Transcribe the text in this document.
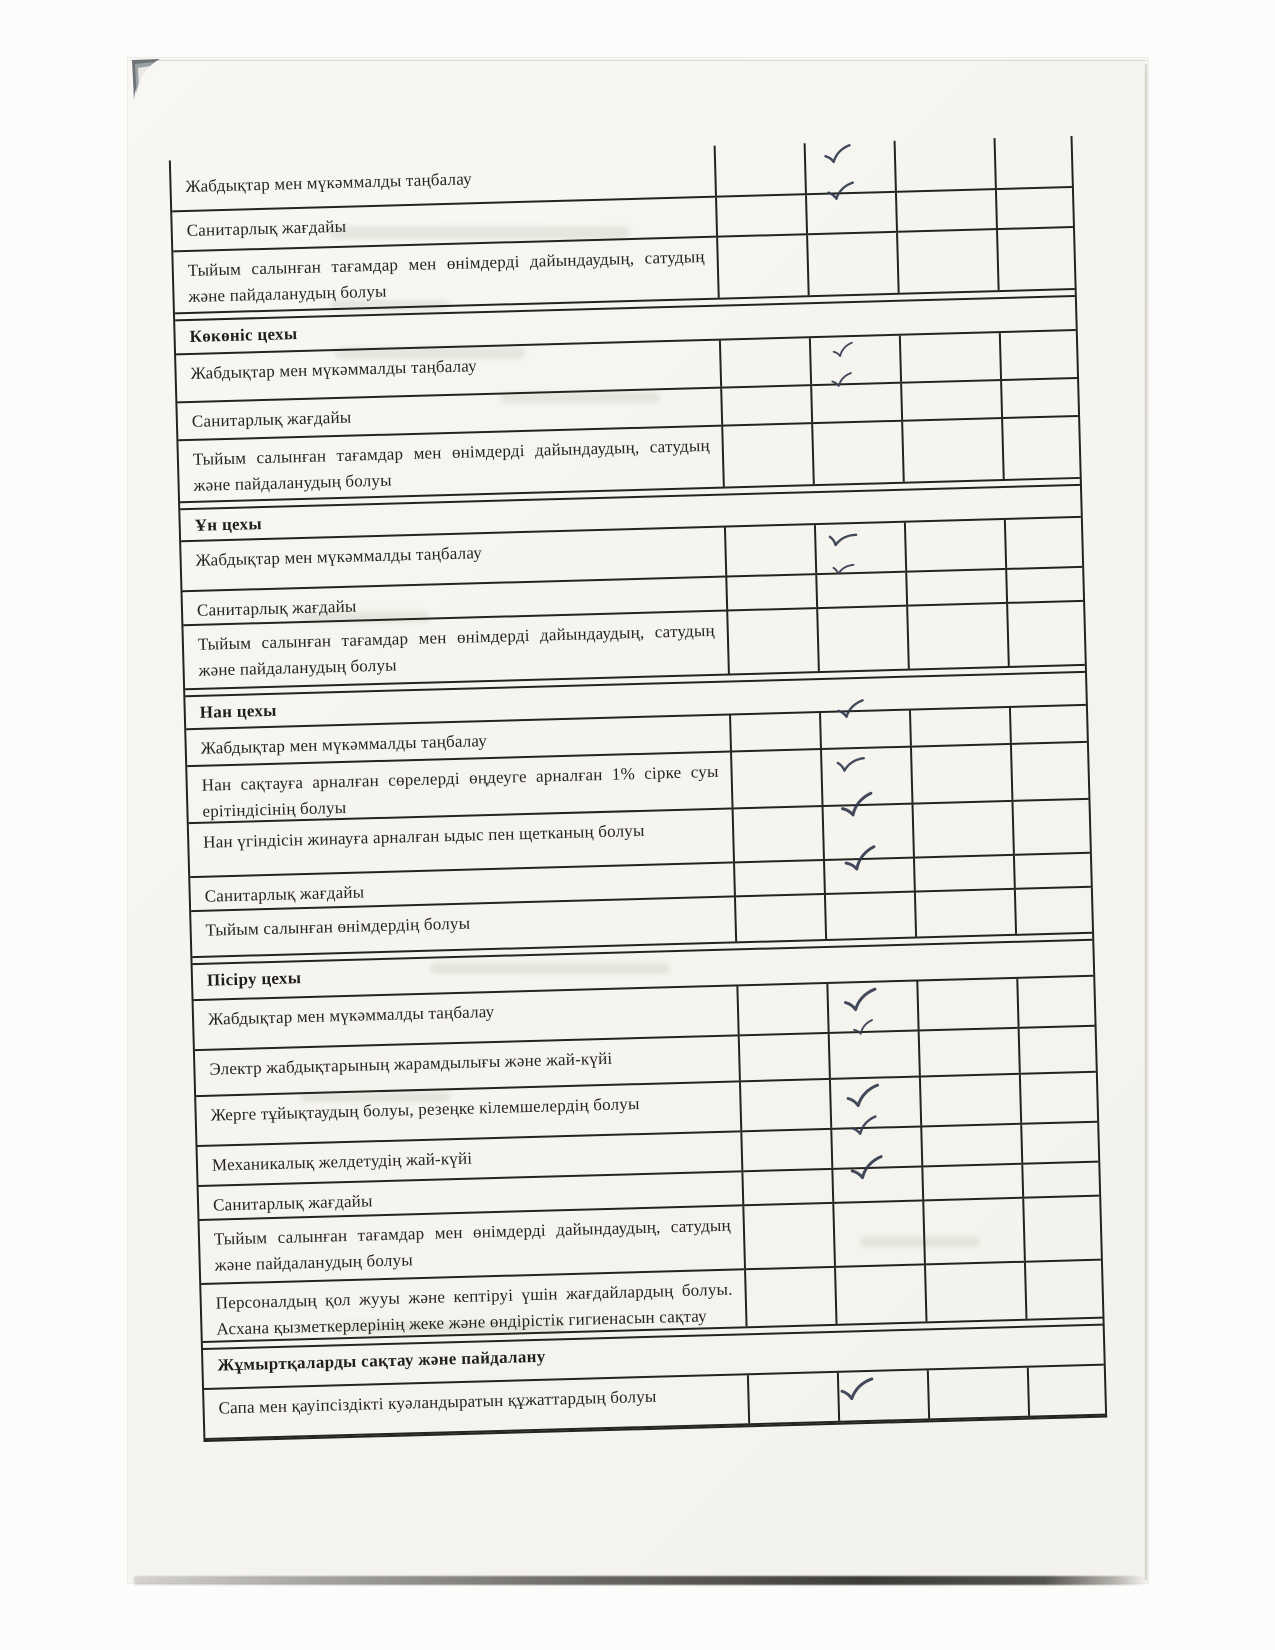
Жабдықтар мен мүкәммалды таңбалау
Санитарлық жағдайы
Тыйым салынған тағамдар мен өнімдерді дайындаудың, сатудың және пайдаланудың болуы
Көкөніс цехы
Жабдықтар мен мүкәммалды таңбалау
Санитарлық жағдайы
Тыйым салынған тағамдар мен өнімдерді дайындаудың, сатудың және пайдаланудың болуы
Ұн цехы
Жабдықтар мен мүкәммалды таңбалау
Санитарлық жағдайы
Тыйым салынған тағамдар мен өнімдерді дайындаудың, сатудың және пайдаланудың болуы
Нан цехы
Жабдықтар мен мүкәммалды таңбалау
Нан сақтауға арналған сөрелерді өңдеуге арналған 1% сірке суы ерітіндісінің болуы
Нан үгіндісін жинауға арналған ыдыс пен щетканың болуы
Санитарлық жағдайы
Тыйым салынған өнімдердің болуы
Пісіру цехы
Жабдықтар мен мүкәммалды таңбалау
Электр жабдықтарының жарамдылығы және жай-күйі
Жерге тұйықтаудың болуы, резеңке кілемшелердің болуы
Механикалық желдетудің жай-күйі
Санитарлық жағдайы
Тыйым салынған тағамдар мен өнімдерді дайындаудың, сатудың және пайдаланудың болуы
Персоналдың қол жууы және кептіруі үшін жағдайлардың болуы. Асхана қызметкерлерінің жеке және өндірістік гигиенасын сақтау
Жұмыртқаларды сақтау және пайдалану
Сапа мен қауіпсіздікті куәландыратын құжаттардың болуы
